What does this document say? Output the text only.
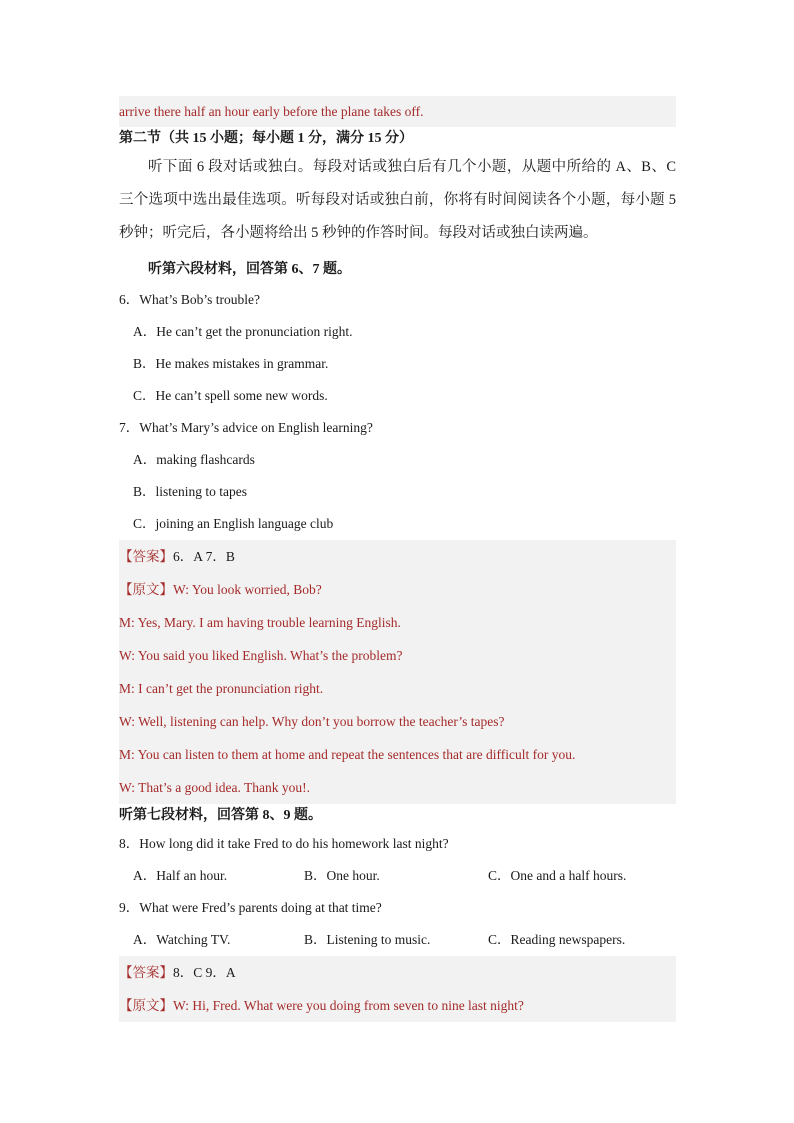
arrive there half an hour early before the plane takes off.
第二节（共 15 小题；每小题 1 分，满分 15 分）
听下面 6 段对话或独白。每段对话或独白后有几个小题，从题中所给的 A、B、C 三个选项中选出最佳选项。听每段对话或独白前，你将有时间阅读各个小题，每小题 5 秒钟；听完后，各小题将给出 5 秒钟的作答时间。每段对话或独白读两遍。
听第六段材料，回答第 6、7 题。
6．What’s Bob’s trouble?
A．He can’t get the pronunciation right.
B．He makes mistakes in grammar.
C．He can’t spell some new words.
7．What’s Mary’s advice on English learning?
A．making flashcards
B．listening to tapes
C．joining an English language club
【答案】6．A 7．B
【原文】W: You look worried, Bob?
M: Yes, Mary. I am having trouble learning English.
W: You said you liked English. What’s the problem?
M: I can’t get the pronunciation right.
W: Well, listening can help. Why don’t you borrow the teacher’s tapes?
M: You can listen to them at home and repeat the sentences that are difficult for you.
W: That’s a good idea. Thank you!.
听第七段材料，回答第 8、9 题。
8．How long did it take Fred to do his homework last night?
A．Half an hour.	B．One hour.	C．One and a half hours.
9．What were Fred’s parents doing at that time?
A．Watching TV.	B．Listening to music.	C．Reading newspapers.
【答案】8．C 9．A
【原文】W: Hi, Fred. What were you doing from seven to nine last night?
